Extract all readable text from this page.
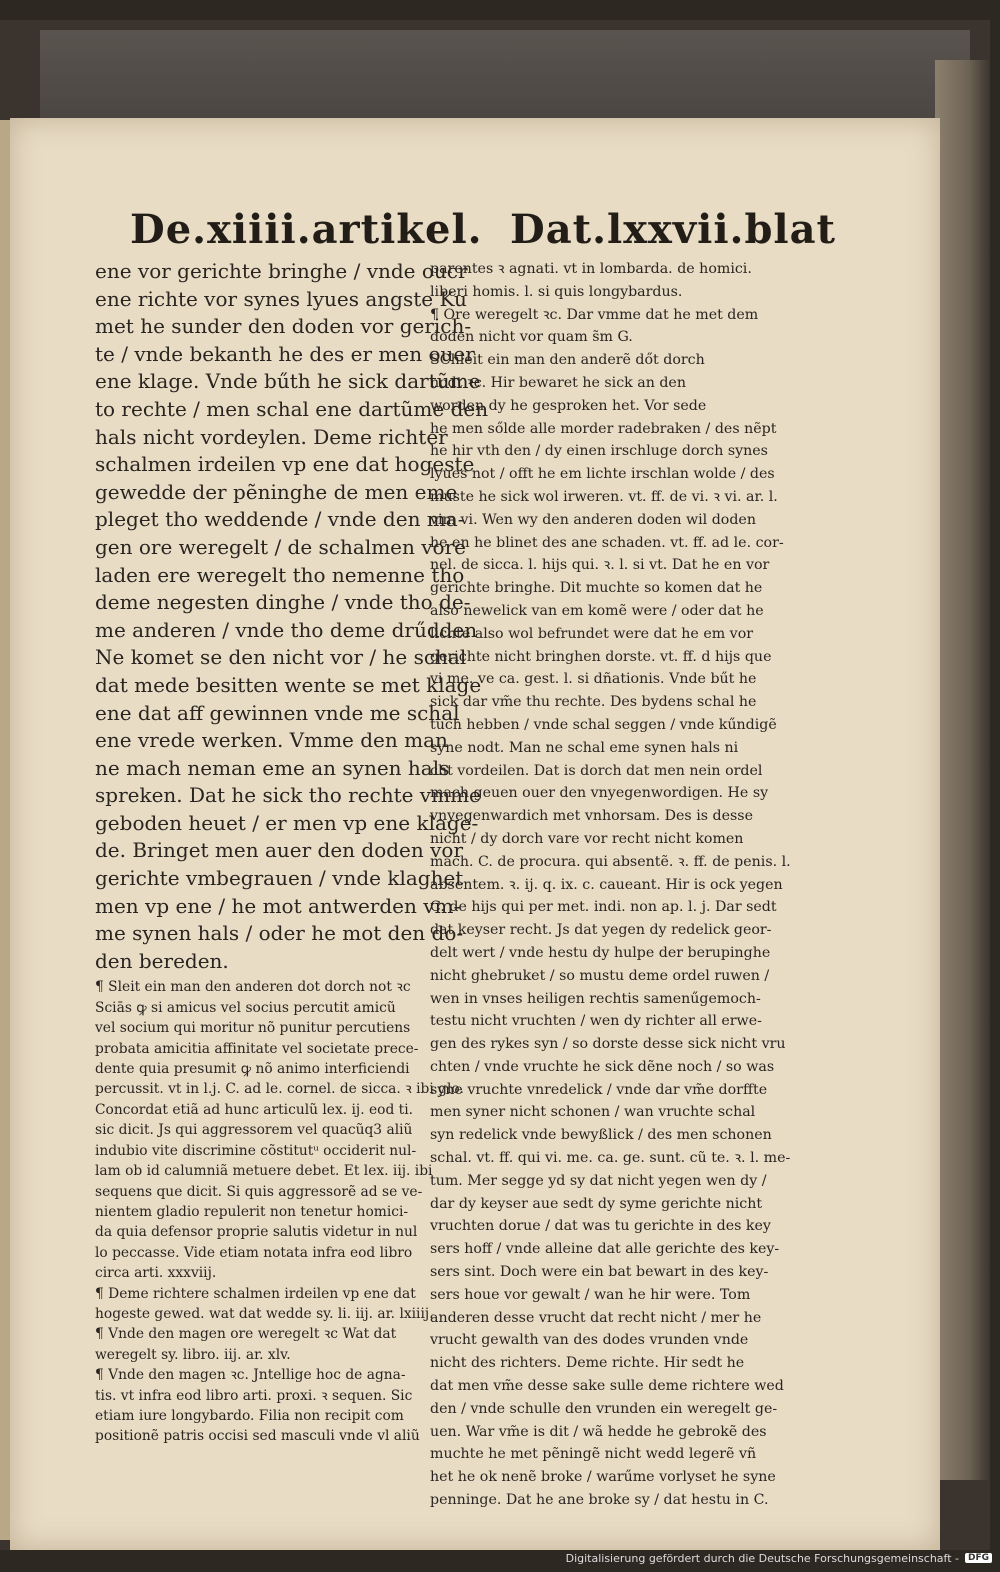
De.xiiii.artikel. Dat.lxxvii.blat
ene vor gerichte bringhe / vnde oucr
ene richte vor synes lyues angste Ku
met he sunder den doden vor gerich-
te / vnde bekanth he des er men ouer
ene klage. Vnde bűth he sick dartũme
to rechte / men schal ene dartũme den
hals nicht vordeylen. Deme richter
schalmen irdeilen vp ene dat hogeste
gewedde der pẽninghe de men eme
pleget tho weddende / vnde den ma-
gen ore weregelt / de schalmen vore
laden ere weregelt tho nemenne tho
deme negesten dinghe / vnde tho de-
me anderen / vnde tho deme drűdden
Ne komet se den nicht vor / he schal
dat mede besitten wente se met klage
ene dat aff gewinnen vnde me schal
ene vrede werken. Vmme den man
ne mach neman eme an synen hals
spreken. Dat he sick tho rechte vmme
geboden heuet / er men vp ene klage-
de. Bringet men auer den doden vor
gerichte vmbegrauen / vnde klaghet
men vp ene / he mot antwerden vm-
me synen hals / oder he mot den do-
den bereden.
¶ Sleit ein man den anderen dot dorch not ꝛc
Sciās ꝙ si amicus vel socius percutit amicũ
vel socium qui moritur nõ punitur percutiens
probata amicitia affinitate vel societate prece-
dente quia presumit ꝙ nõ animo interficiendi
percussit. vt in l.j. C. ad le. cornel. de sicca. ꝛ ibi glo.
Concordat etiã ad hunc articulũ lex. ij. eod ti.
sic dicit. Js qui aggressorem vel quacũq3 aliũ
indubio vite discrimine cõstitutᵘ occiderit nul-
lam ob id calumniã metuere debet. Et lex. iij. ibi
sequens que dicit. Si quis aggressorẽ ad se ve-
nientem gladio repulerit non tenetur homici-
da quia defensor proprie salutis videtur in nul
lo peccasse. Vide etiam notata infra eod libro
circa arti. xxxviij.
¶ Deme richtere schalmen irdeilen vp ene dat
hogeste gewed. wat dat wedde sy. li. iij. ar. lxiiij.
¶ Vnde den magen ore weregelt ꝛc Wat dat
weregelt sy. libro. iij. ar. xlv.
¶ Vnde den magen ꝛc. Jntellige hoc de agna-
tis. vt infra eod libro arti. proxi. ꝛ sequen. Sic
etiam iure longybardo. Filia non recipit com
positionẽ patris occisi sed masculi vnde vl aliũ
parentes ꝛ agnati. vt in lombarda. de homici.
liberi homis. l. si quis longybardus.
¶ Ore weregelt ꝛc. Dar vmme dat he met dem
doden nicht vor quam s̃m G.
SChleit ein man den anderẽ dőt dorch
nodt ꝛc. Hir bewaret he sick an den
worden dy he gesproken het. Vor sede
he men sőlde alle morder radebraken / des nẽpt
he hir vth den / dy einen irschluge dorch synes
lyues not / offt he em lichte irschlan wolde / des
muste he sick wol irweren. vt. ff. de vi. ꝛ vi. ar. l.
vim vi. Wen wy den anderen doden wil doden
he en he blinet des ane schaden. vt. ff. ad le. cor-
nel. de sicca. l. hijs qui. ꝛ. l. si vt. Dat he en vor
gerichte bringhe. Dit muchte so komen dat he
also newelick van em komẽ were / oder dat he
lichte also wol befrundet were dat he em vor
gerichte nicht bringhen dorste. vt. ff. d hijs que
vi me. ve ca. gest. l. si dñationis. Vnde bűt he
sick dar vm̃e thu rechte. Des bydens schal he
tuch hebben / vnde schal seggen / vnde kűndigẽ
syne nodt. Man ne schal eme synen hals ni
cht vordeilen. Dat is dorch dat men nein ordel
mach geuen ouer den vnyegenwordigen. He sy
vnyegenwardich met vnhorsam. Des is desse
nicht / dy dorch vare vor recht nicht komen
mach. C. de procura. qui absentẽ. ꝛ. ff. de penis. l.
absentem. ꝛ. ij. q. ix. c. caueant. Hir is ock yegen
C. de hijs qui per met. indi. non ap. l. j. Dar sedt
dat keyser recht. Js dat yegen dy redelick geor-
delt wert / vnde hestu dy hulpe der berupinghe
nicht ghebruket / so mustu deme ordel ruwen /
wen in vnses heiligen rechtis samenűgemoch-
testu nicht vruchten / wen dy richter all erwe-
gen des rykes syn / so dorste desse sick nicht vru
chten / vnde vruchte he sick dẽne noch / so was
syne vruchte vnredelick / vnde dar vm̃e dorffte
men syner nicht schonen / wan vruchte schal
syn redelick vnde bewyßlick / des men schonen
schal. vt. ff. qui vi. me. ca. ge. sunt. cũ te. ꝛ. l. me-
tum. Mer segge yd sy dat nicht yegen wen dy /
dar dy keyser aue sedt dy syme gerichte nicht
vruchten dorue / dat was tu gerichte in des key
sers hoff / vnde alleine dat alle gerichte des key-
sers sint. Doch were ein bat bewart in des key-
sers houe vor gewalt / wan he hir were. Tom
anderen desse vrucht dat recht nicht / mer he
vrucht gewalth van des dodes vrunden vnde
nicht des richters. Deme richte. Hir sedt he
dat men vm̃e desse sake sulle deme richtere wed
den / vnde schulle den vrunden ein weregelt ge-
uen. War vm̃e is dit / wã hedde he gebrokẽ des
muchte he met pẽningẽ nicht wedd legerẽ vñ
het he ok nenẽ broke / warűme vorlyset he syne
penninge. Dat he ane broke sy / dat hestu in C.
Digitalisierung gefördert durch die Deutsche Forschungsgemeinschaft -	DFG
